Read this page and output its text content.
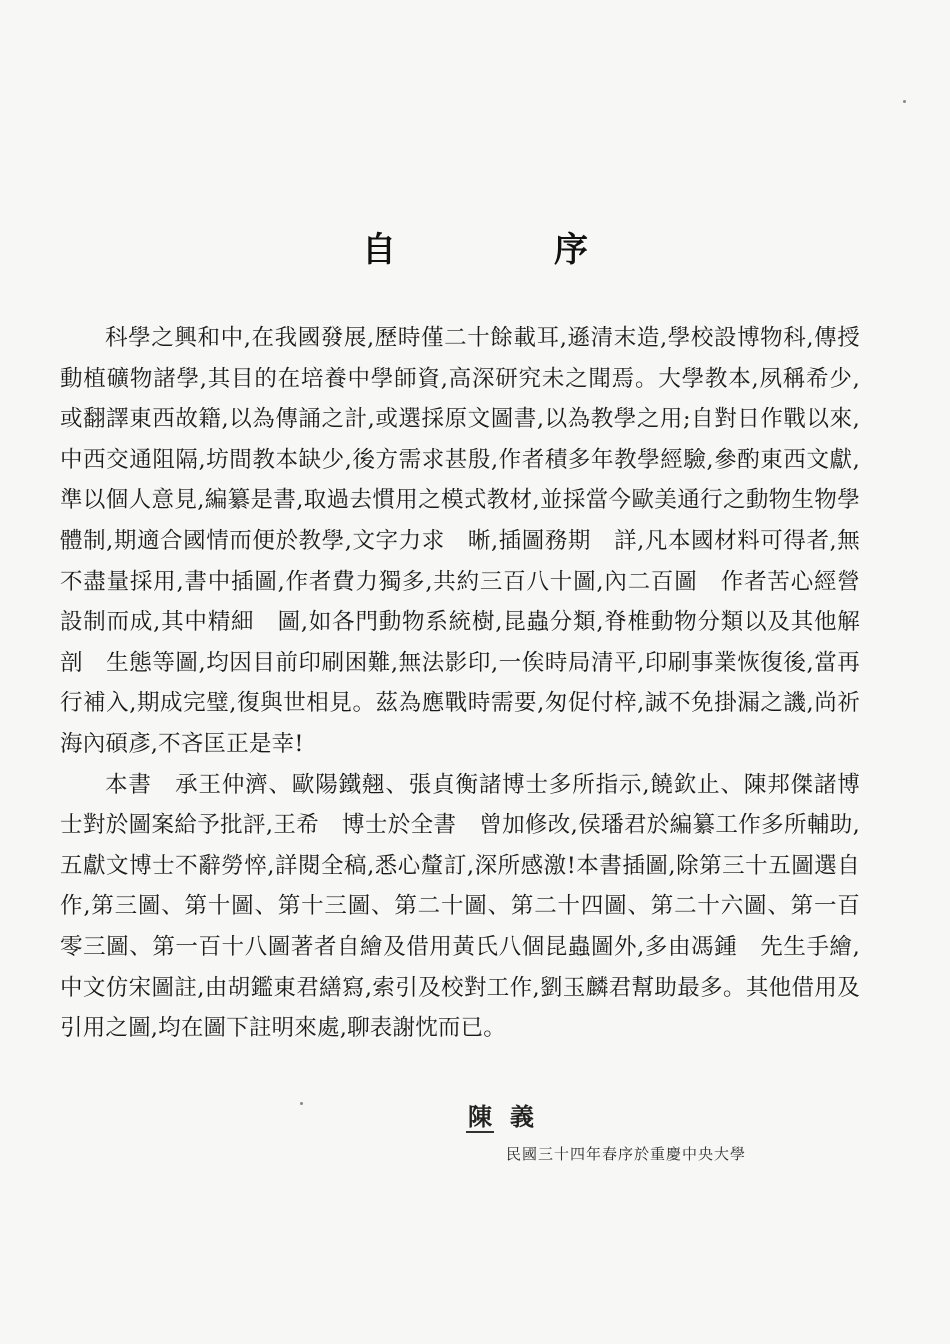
自　序

科學之興和中,在我國發展,歷時僅二十餘載耳,遜清末造,學校設博物科,傳授動植礦物諸學,其目的在培養中學師資,高深研究未之聞焉。大學教本,夙稱希少,或翻譯東西故籍,以為傳誦之計,或選採原文圖書,以為教學之用;自對日作戰以來,中西交通阻隔,坊間教本缺少,後方需求甚殷,作者積多年教學經驗,參酌東西文獻,準以個人意見,編纂是書,取過去慣用之模式教材,並採當今歐美通行之動物生物學體制,期適合國情而便於教學,文字力求　晰,插圖務期　詳,凡本國材料可得者,無不盡量採用,書中插圖,作者費力獨多,共約三百八十圖,內二百圖　作者苦心經營設制而成,其中精細　圖,如各門動物系統樹,昆蟲分類,脊椎動物分類以及其他解剖　生態等圖,均因目前印刷困難,無法影印,一俟時局清平,印刷事業恢復後,當再行補入,期成完璧,復與世相見。茲為應戰時需要,匆促付梓,誠不免掛漏之譏,尚祈海內碩彥,不吝匡正是幸!

本書　承王仲濟、歐陽鐵翹、張貞衡諸博士多所指示,饒欽止、陳邦傑諸博士對於圖案給予批評,王希　博士於全書　曾加修改,侯璠君於編纂工作多所輔助,五獻文博士不辭勞悴,詳閱全稿,悉心釐訂,深所感激!本書插圖,除第三十五圖選自　作,第三圖、第十圖、第十三圖、第二十圖、第二十四圖、第二十六圖、第一百零三圖、第一百十八圖著者自繪及借用黃氏八個昆蟲圖外,多由馮鍾　先生手繪,中文仿宋圖註,由胡鑑東君繕寫,索引及校對工作,劉玉麟君幫助最多。其他借用及引用之圖,均在圖下註明來處,聊表謝忱而已。

陳義
民國三十四年春序於重慶中央大學
